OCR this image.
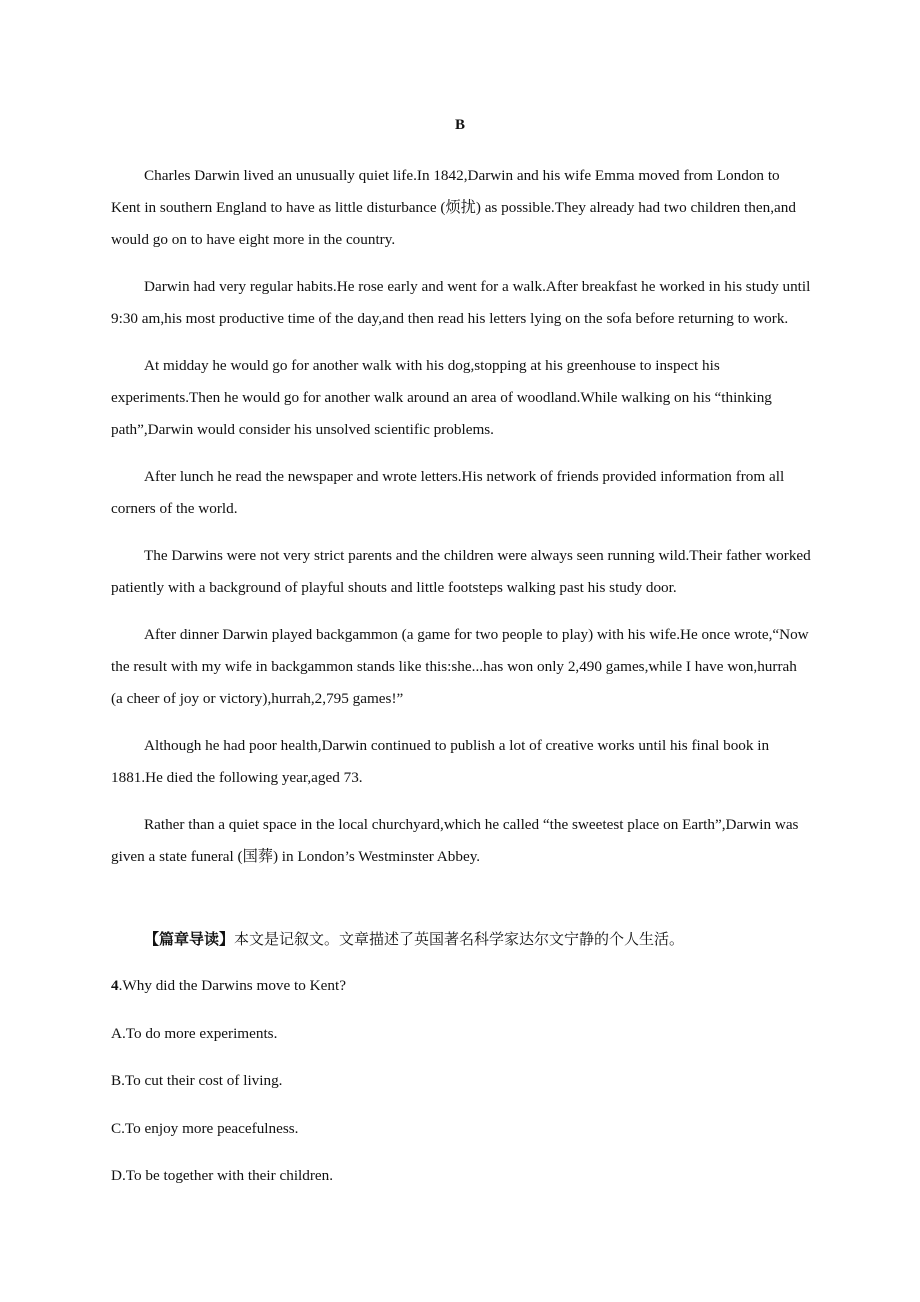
B

Charles Darwin lived an unusually quiet life.In 1842,Darwin and his wife Emma moved from London to Kent in southern England to have as little disturbance (烦扰) as possible.They already had two children then,and would go on to have eight more in the country.

Darwin had very regular habits.He rose early and went for a walk.After breakfast he worked in his study until 9:30 am,his most productive time of the day,and then read his letters lying on the sofa before returning to work.

At midday he would go for another walk with his dog,stopping at his greenhouse to inspect his experiments.Then he would go for another walk around an area of woodland.While walking on his “thinking path”,Darwin would consider his unsolved scientific problems.

After lunch he read the newspaper and wrote letters.His network of friends provided information from all corners of the world.

The Darwins were not very strict parents and the children were always seen running wild.Their father worked patiently with a background of playful shouts and little footsteps walking past his study door.

After dinner Darwin played backgammon (a game for two people to play) with his wife.He once wrote,“Now the result with my wife in backgammon stands like this:she...has won only 2,490 games,while I have won,hurrah (a cheer of joy or victory),hurrah,2,795 games!”

Although he had poor health,Darwin continued to publish a lot of creative works until his final book in 1881.He died the following year,aged 73.

Rather than a quiet space in the local churchyard,which he called “the sweetest place on Earth”,Darwin was given a state funeral (国葬) in London’s Westminster Abbey.

【篇章导读】本文是记叙文。文章描述了英国著名科学家达尔文宁静的个人生活。
4.Why did the Darwins move to Kent?
A.To do more experiments.
B.To cut their cost of living.
C.To enjoy more peacefulness.
D.To be together with their children.
